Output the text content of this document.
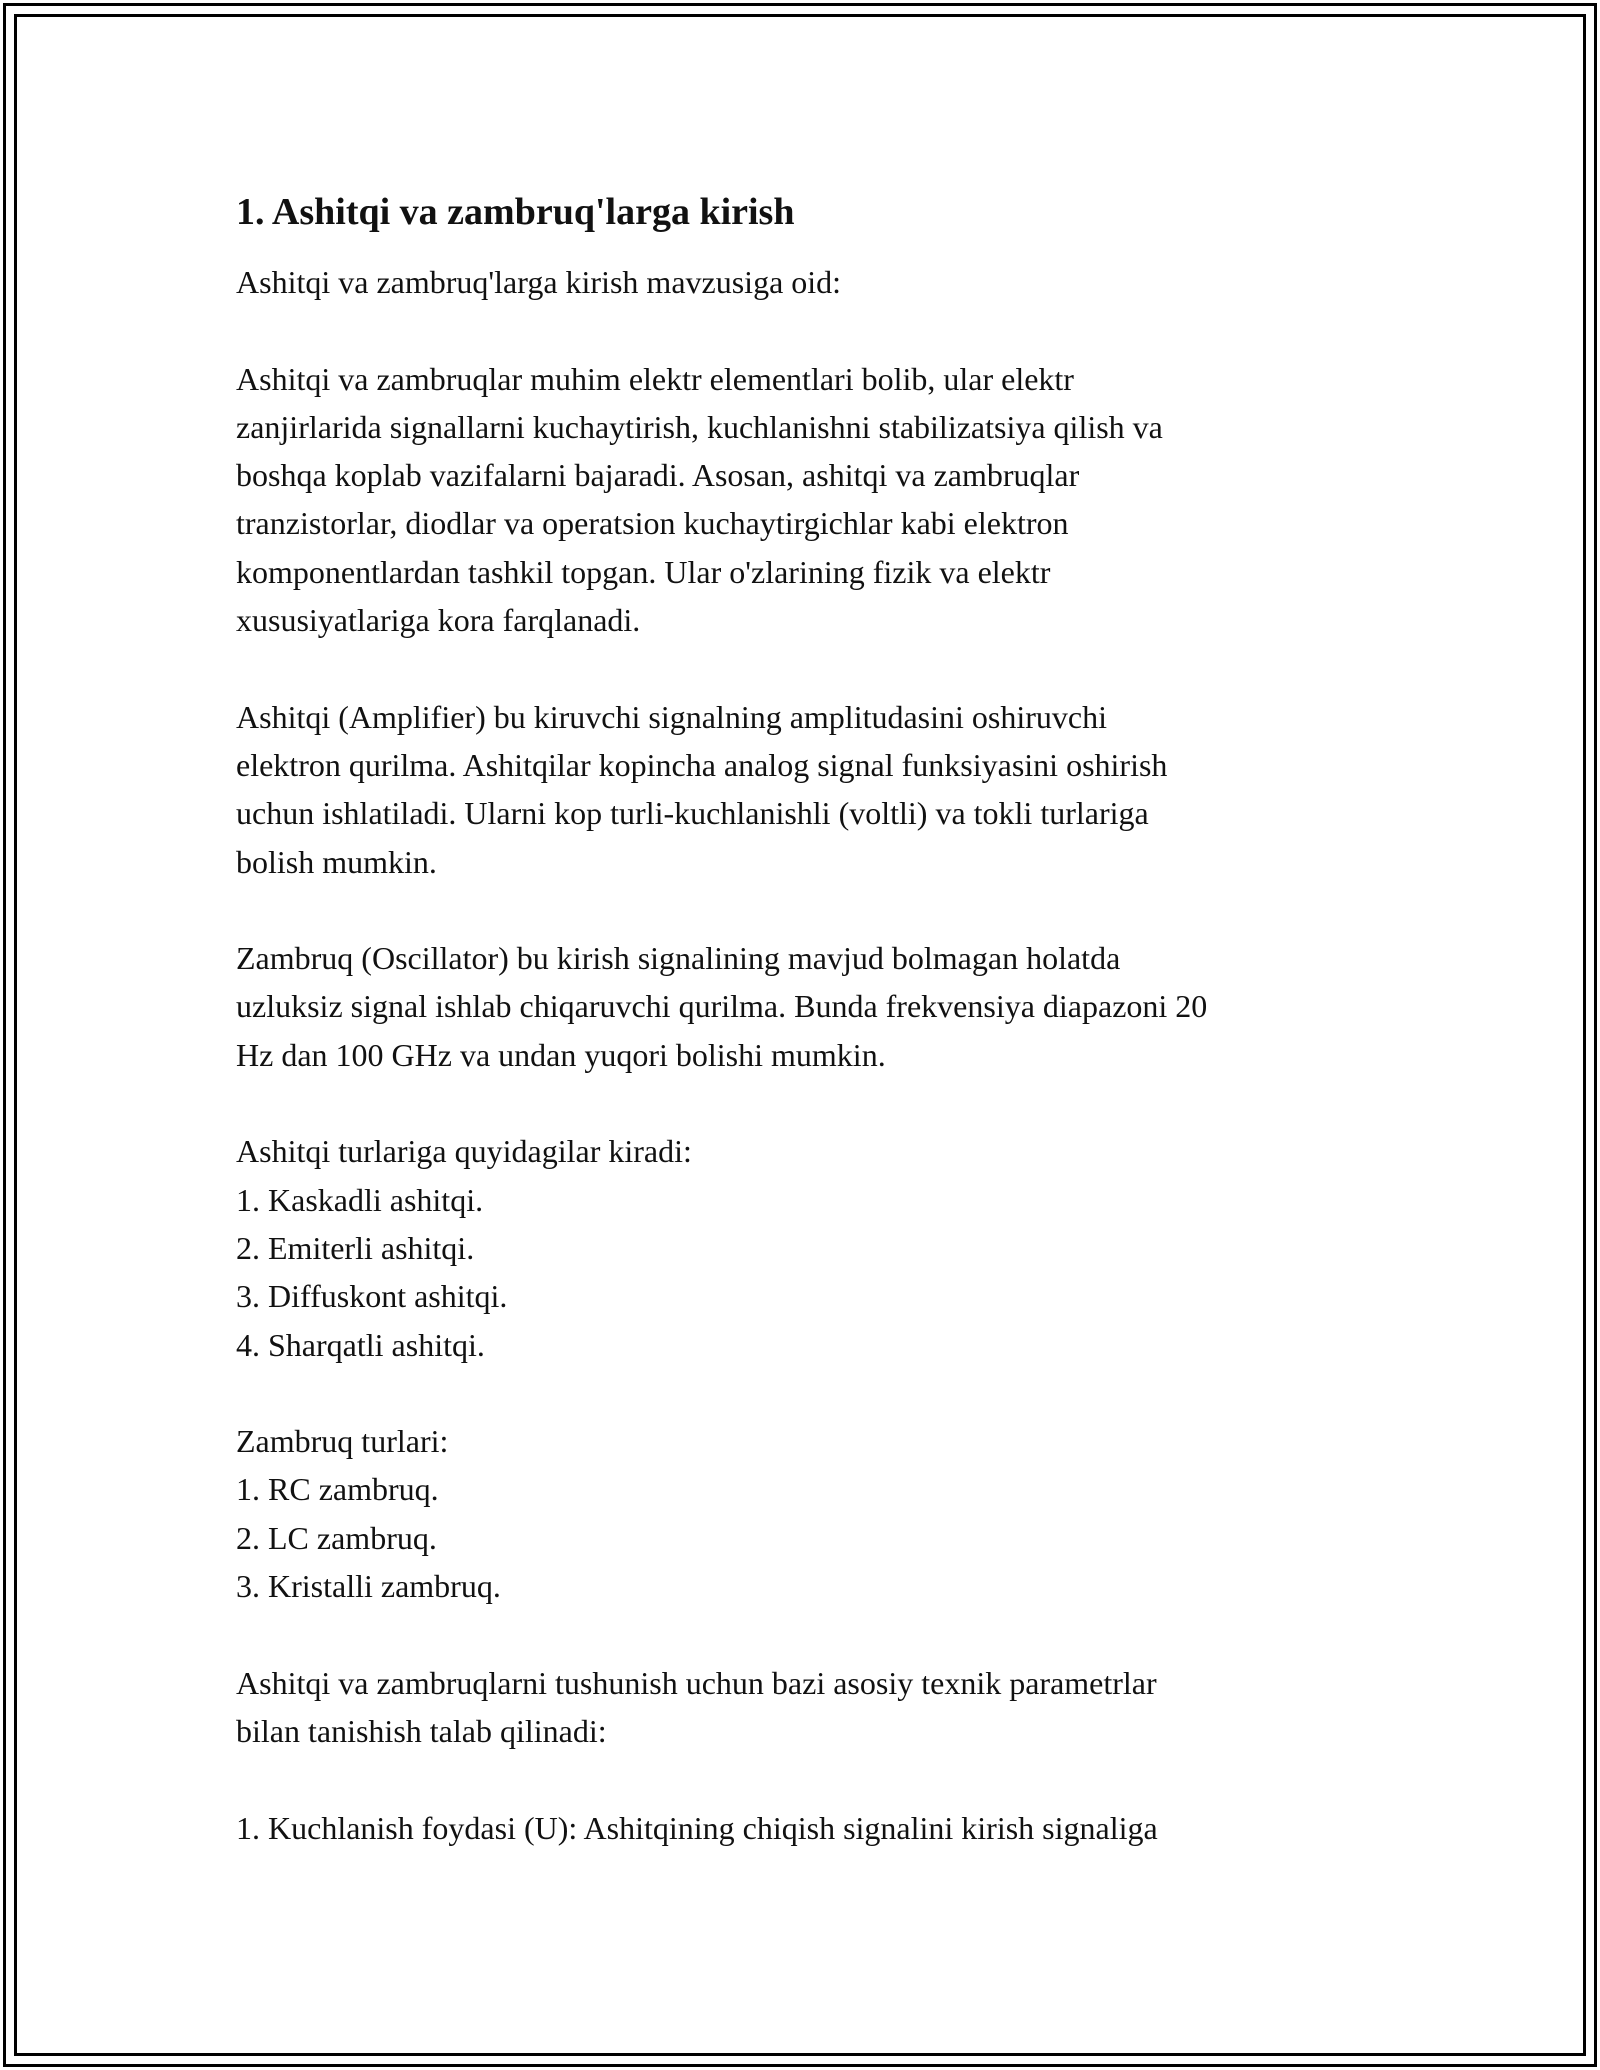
1. Ashitqi va zambruq'larga kirish
Ashitqi va zambruq'larga kirish mavzusiga oid:
Ashitqi va zambruqlar muhim elektr elementlari bolib, ular elektr
zanjirlarida signallarni kuchaytirish, kuchlanishni stabilizatsiya qilish va
boshqa koplab vazifalarni bajaradi. Asosan, ashitqi va zambruqlar
tranzistorlar, diodlar va operatsion kuchaytirgichlar kabi elektron
komponentlardan tashkil topgan. Ular o'zlarining fizik va elektr
xususiyatlariga kora farqlanadi.
Ashitqi (Amplifier) bu kiruvchi signalning amplitudasini oshiruvchi
elektron qurilma. Ashitqilar kopincha analog signal funksiyasini oshirish
uchun ishlatiladi. Ularni kop turli-kuchlanishli (voltli) va tokli turlariga
bolish mumkin.
Zambruq (Oscillator) bu kirish signalining mavjud bolmagan holatda
uzluksiz signal ishlab chiqaruvchi qurilma. Bunda frekvensiya diapazoni 20
Hz dan 100 GHz va undan yuqori bolishi mumkin.
Ashitqi turlariga quyidagilar kiradi:
1. Kaskadli ashitqi.
2. Emiterli ashitqi.
3. Diffuskont ashitqi.
4. Sharqatli ashitqi.
Zambruq turlari:
1. RC zambruq.
2. LC zambruq.
3. Kristalli zambruq.
Ashitqi va zambruqlarni tushunish uchun bazi asosiy texnik parametrlar
bilan tanishish talab qilinadi:
1. Kuchlanish foydasi (U): Ashitqining chiqish signalini kirish signaliga
